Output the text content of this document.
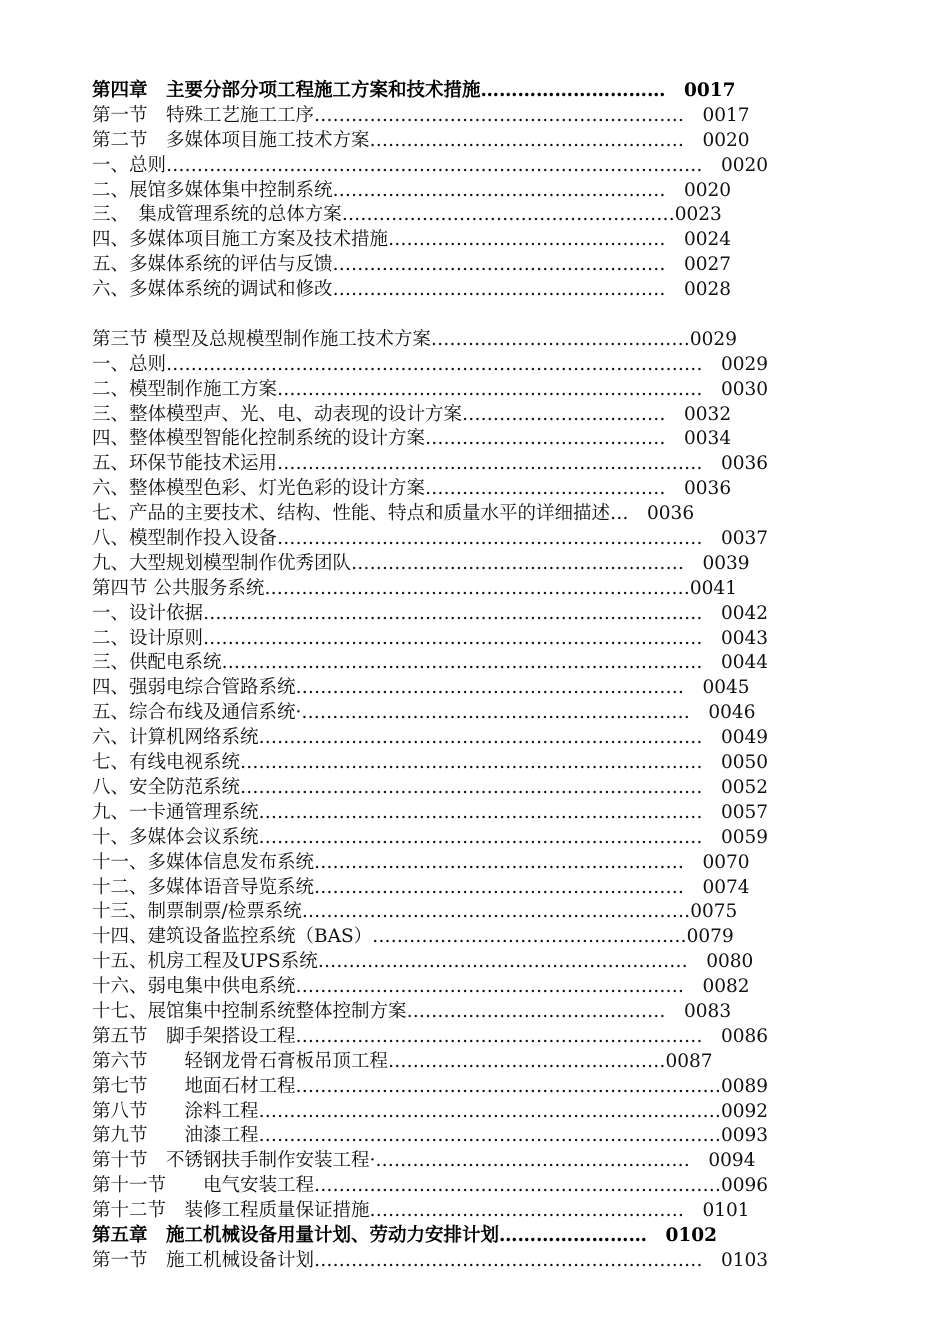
第四章　主要分部分项工程施工方案和技术措施…………………………　0017
第一节　特殊工艺施工工序……………………………………………………　0017
第二节　多媒体项目施工技术方案……………………………………………　0020
一、总则……………………………………………………………………………　0020
二、展馆多媒体集中控制系统………………………………………………　0020
三、　集成管理系统的总体方案………………………………………………0023
四、多媒体项目施工方案及技术措施………………………………………　0024
五、多媒体系统的评估与反馈………………………………………………　0027
六、多媒体系统的调试和修改………………………………………………　0028
第三节 模型及总规模型制作施工技术方案……………………………………0029
一、总则……………………………………………………………………………　0029
二、模型制作施工方案……………………………………………………………　0030
三、整体模型声、光、电、动表现的设计方案……………………………　0032
四、整体模型智能化控制系统的设计方案…………………………………　0034
五、环保节能技术运用……………………………………………………………　0036
六、整体模型色彩、灯光色彩的设计方案…………………………………　0036
七、产品的主要技术、结构、性能、特点和质量水平的详细描述…　0036
八、模型制作投入设备……………………………………………………………　0037
九、大型规划模型制作优秀团队………………………………………………　0039
第四节 公共服务系统……………………………………………………………0041
一、设计依据………………………………………………………………………　0042
二、设计原则………………………………………………………………………　0043
三、供配电系统……………………………………………………………………　0044
四、强弱电综合管路系统………………………………………………………　0045
五、综合布线及通信系统·………………………………………………………　0046
六、计算机网络系统………………………………………………………………　0049
七、有线电视系统…………………………………………………………………　0050
八、安全防范系统…………………………………………………………………　0052
九、一卡通管理系统………………………………………………………………　0057
十、多媒体会议系统………………………………………………………………　0059
十一、多媒体信息发布系统……………………………………………………　0070
十二、多媒体语音导览系统……………………………………………………　0074
十三、制票制票/检票系统………………………………………………………0075
十四、建筑设备监控系统（BAS）……………………………………………0079
十五、机房工程及UPS系统……………………………………………………　0080
十六、弱电集中供电系统………………………………………………………　0082
十七、展馆集中控制系统整体控制方案……………………………………　0083
第五节　脚手架搭设工程…………………………………………………………　0086
第六节　　轻钢龙骨石膏板吊顶工程………………………………………0087
第七节　　地面石材工程……………………………………………………………0089
第八节　　涂料工程…………………………………………………………………0092
第九节　　油漆工程…………………………………………………………………0093
第十节　不锈钢扶手制作安装工程·……………………………………………　0094
第十一节　　电气安装工程…………………………………………………………0096
第十二节　装修工程质量保证措施……………………………………………　0101
第五章　施工机械设备用量计划、劳动力安排计划……………………　0102
第一节　施工机械设备计划………………………………………………………　0103
